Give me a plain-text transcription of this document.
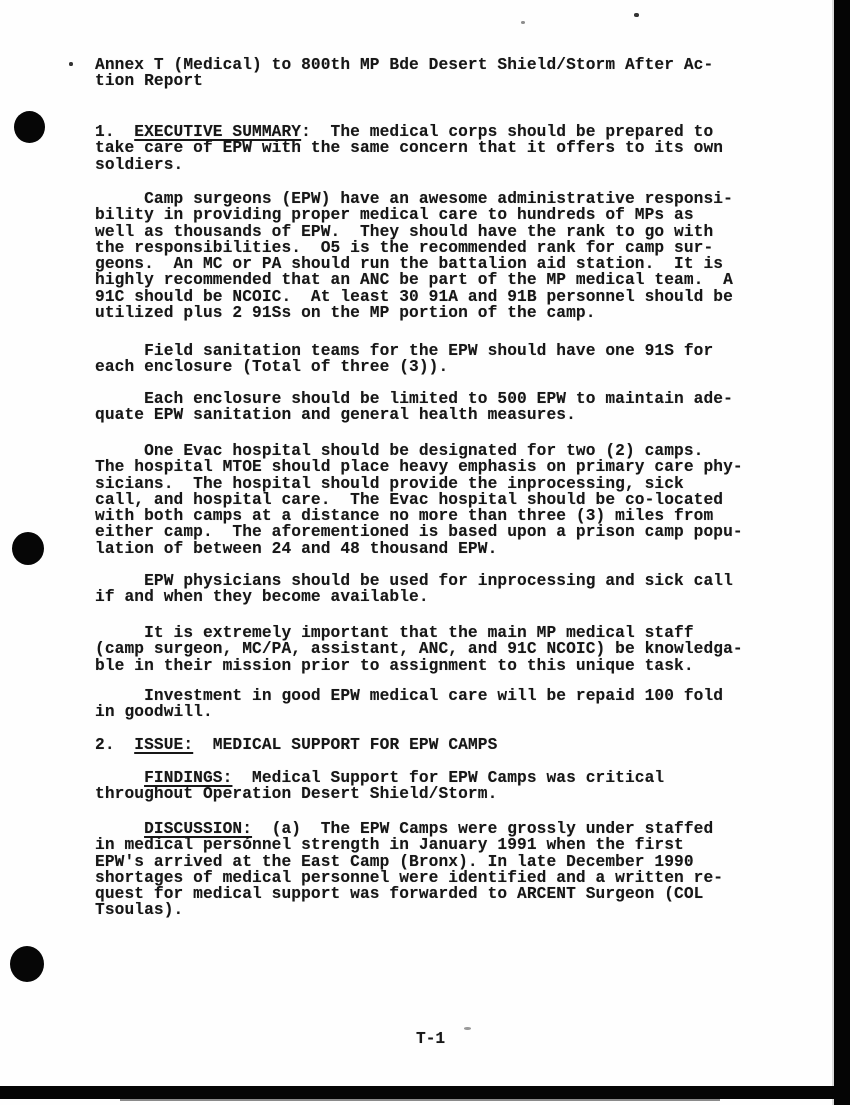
Annex T (Medical) to 800th MP Bde Desert Shield/Storm After Ac-
tion Report
1.  EXECUTIVE SUMMARY:  The medical corps should be prepared to
take care of EPW with the same concern that it offers to its own
soldiers.
Camp surgeons (EPW) have an awesome administrative responsi-
bility in providing proper medical care to hundreds of MPs as
well as thousands of EPW.  They should have the rank to go with
the responsibilities.  O5 is the recommended rank for camp sur-
geons.  An MC or PA should run the battalion aid station.  It is
highly recommended that an ANC be part of the MP medical team.  A
91C should be NCOIC.  At least 30 91A and 91B personnel should be
utilized plus 2 91Ss on the MP portion of the camp.
Field sanitation teams for the EPW should have one 91S for
each enclosure (Total of three (3)).
Each enclosure should be limited to 500 EPW to maintain ade-
quate EPW sanitation and general health measures.
One Evac hospital should be designated for two (2) camps.
The hospital MTOE should place heavy emphasis on primary care phy-
sicians.  The hospital should provide the inprocessing, sick
call, and hospital care.  The Evac hospital should be co-located
with both camps at a distance no more than three (3) miles from
either camp.  The aforementioned is based upon a prison camp popu-
lation of between 24 and 48 thousand EPW.
EPW physicians should be used for inprocessing and sick call
if and when they become available.
It is extremely important that the main MP medical staff
(camp surgeon, MC/PA, assistant, ANC, and 91C NCOIC) be knowledga-
ble in their mission prior to assignment to this unique task.
Investment in good EPW medical care will be repaid 100 fold
in goodwill.
2.  ISSUE:  MEDICAL SUPPORT FOR EPW CAMPS
FINDINGS:  Medical Support for EPW Camps was critical
throughout Operation Desert Shield/Storm.
DISCUSSION:  (a)  The EPW Camps were grossly under staffed
in medical persónnel strength in January 1991 when the first
EPW's arrived at the East Camp (Bronx). In late December 1990
shortages of medical personnel were identified and a written re-
quest for medical support was forwarded to ARCENT Surgeon (COL
Tsoulas).
T-1
